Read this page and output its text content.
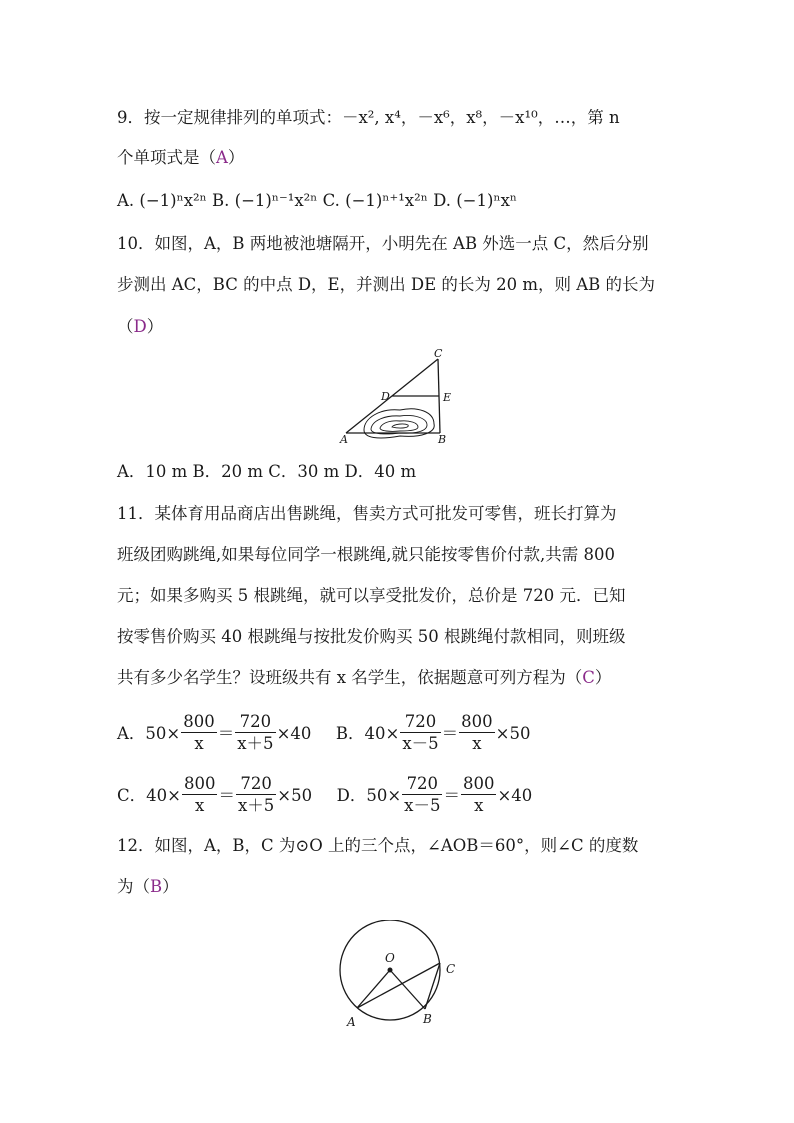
9．按一定规律排列的单项式：－x², x⁴，－x⁶，x⁸，－x¹⁰，…，第 n
个单项式是（A）
A. (−1)ⁿx²ⁿ B. (−1)ⁿ⁻¹x²ⁿ C. (−1)ⁿ⁺¹x²ⁿ D. (−1)ⁿxⁿ
10．如图，A，B 两地被池塘隔开，小明先在 AB 外选一点 C，然后分别
步测出 AC，BC 的中点 D，E，并测出 DE 的长为 20 m，则 AB 的长为
（D）
C
D	E
A	B
A．10 m B．20 m C．30 m D．40 m
11．某体育用品商店出售跳绳，售卖方式可批发可零售，班长打算为
班级团购跳绳,如果每位同学一根跳绳,就只能按零售价付款,共需 800
元；如果多购买 5 根跳绳，就可以享受批发价，总价是 720 元．已知
按零售价购买 40 根跳绳与按批发价购买 50 根跳绳付款相同，则班级
共有多少名学生？设班级共有 x 名学生，依据题意可列方程为（C）
A．$50\times \frac{800}{x} = \frac{720}{x+5} \times 40$ B．$40\times \frac{720}{x-5} = \frac{800}{x} \times 50$
C．$40\times \frac{800}{x} = \frac{720}{x+5} \times 50$ D．$50\times \frac{720}{x-5} = \frac{800}{x} \times 40$
12．如图，A，B，C 为⊙O 上的三个点，∠AOB＝60°，则∠C 的度数
为（B）
O
A	B
C
